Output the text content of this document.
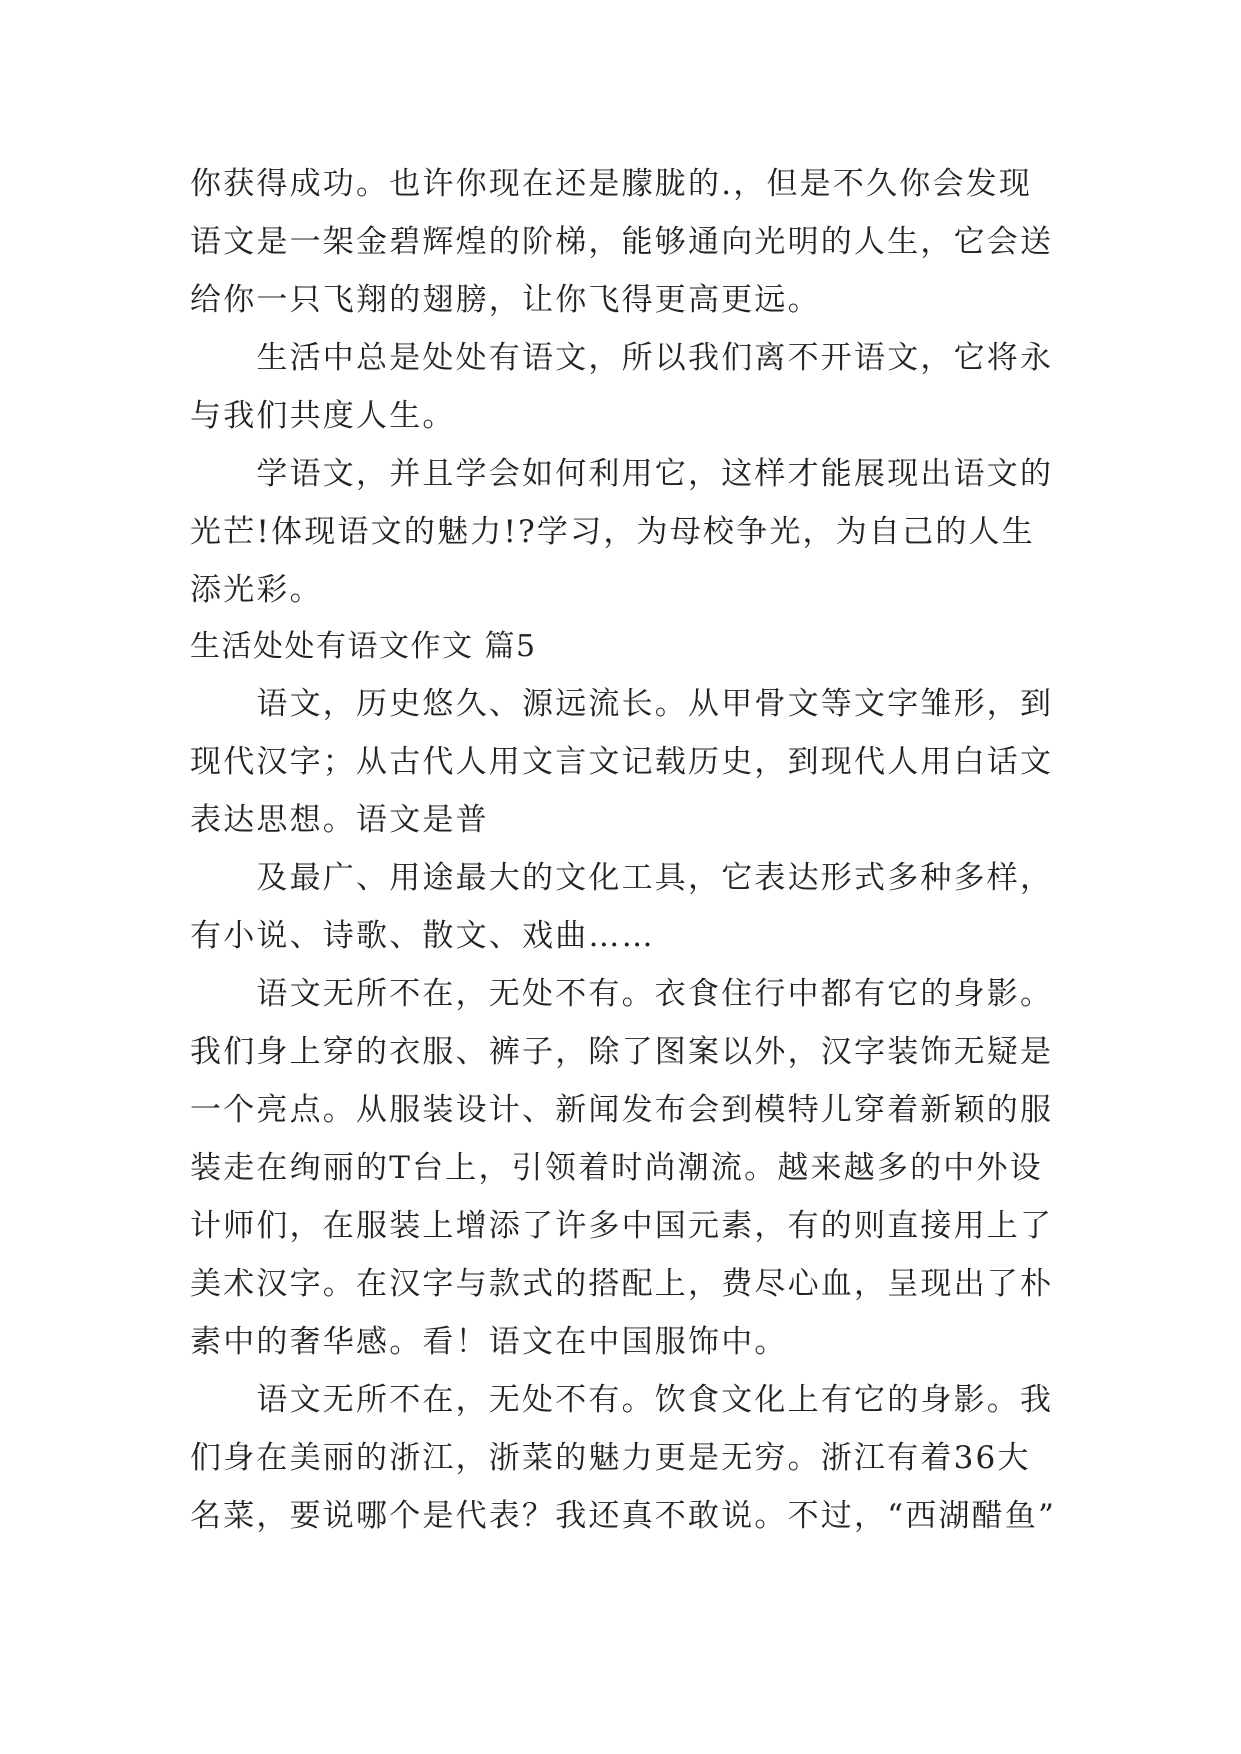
你获得成功。也许你现在还是朦胧的.，但是不久你会发现
语文是一架金碧辉煌的阶梯，能够通向光明的人生，它会送
给你一只飞翔的翅膀，让你飞得更高更远。
　　生活中总是处处有语文，所以我们离不开语文，它将永
与我们共度人生。
　　学语文，并且学会如何利用它，这样才能展现出语文的
光芒!体现语文的魅力!?学习，为母校争光，为自己的人生
添光彩。
生活处处有语文作文 篇5
　　语文，历史悠久、源远流长。从甲骨文等文字雏形，到
现代汉字；从古代人用文言文记载历史，到现代人用白话文
表达思想。语文是普
　　及最广、用途最大的文化工具，它表达形式多种多样，
有小说、诗歌、散文、戏曲……
　　语文无所不在，无处不有。衣食住行中都有它的身影。
我们身上穿的衣服、裤子，除了图案以外，汉字装饰无疑是
一个亮点。从服装设计、新闻发布会到模特儿穿着新颖的服
装走在绚丽的T台上，引领着时尚潮流。越来越多的中外设
计师们，在服装上增添了许多中国元素，有的则直接用上了
美术汉字。在汉字与款式的搭配上，费尽心血，呈现出了朴
素中的奢华感。看！语文在中国服饰中。
　　语文无所不在，无处不有。饮食文化上有它的身影。我
们身在美丽的浙江，浙菜的魅力更是无穷。浙江有着36大
名菜，要说哪个是代表？我还真不敢说。不过，“西湖醋鱼”
